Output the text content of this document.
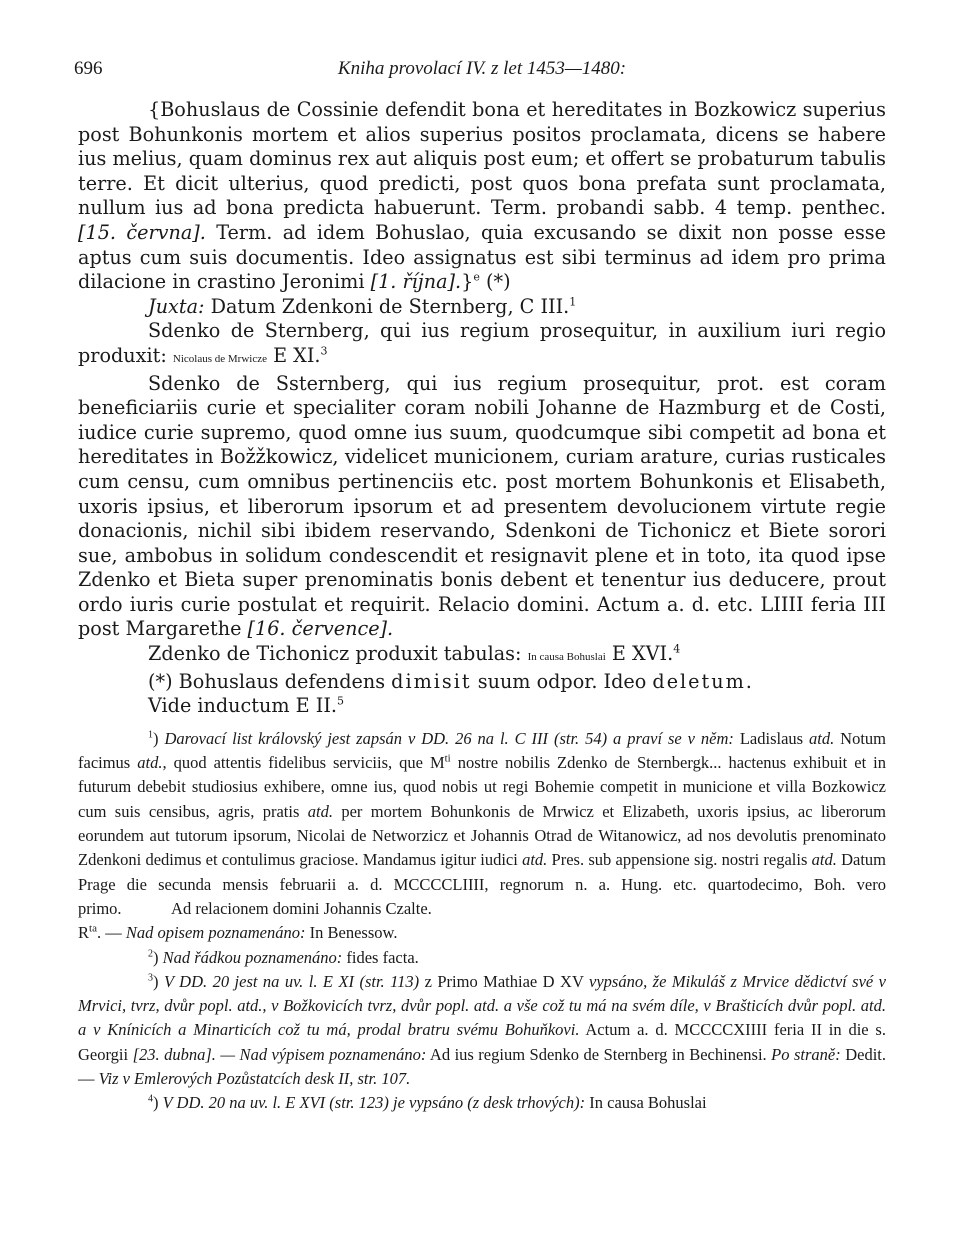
696	Kniha provolací IV. z let 1453—1480:

{Bohuslaus de Cossinie defendit bona et hereditates in Bozkowicz superius post Bohunkonis mortem et alios superius positos proclamata, dicens se habere ius melius, quam dominus rex aut aliquis post eum; et offert se probaturum tabulis terre. Et dicit ulterius, quod predicti, post quos bona prefata sunt proclamata, nullum ius ad bona predicta habuerunt. Term. probandi sabb. 4 temp. penthec. [15. června]. Term. ad idem Bohuslao, quia excusando se dixit non posse esse aptus cum suis documentis. Ideo assignatus est sibi terminus ad idem pro prima dilacione in crastino Jeronimi [1. října].}$^e$ (*)

Juxta: Datum Zdenkoni de Sternberg, C III.$^1$

Sdenko de Sternberg, qui ius regium prosequitur, in auxilium iuri regio produxit: Nicolaus de Mrwicze E XI.$^3$

Sdenko de Ssternberg, qui ius regium prosequitur, prot. est coram beneficiariis curie et specialiter coram nobili Johanne de Hazmburg et de Costi, iudice curie supremo, quod omne ius suum, quodcumque sibi competit ad bona et hereditates in Božžkowicz, videlicet municionem, curiam arature, curias rusticales cum censu, cum omnibus pertinenciis etc. post mortem Bohunkonis et Elisabeth, uxoris ipsius, et liberorum ipsorum et ad presentem devolucionem virtute regie donacionis, nichil sibi ibidem reservando, Sdenkoni de Tichonicz et Biete sorori sue, ambobus in solidum condescendit et resignavit plene et in toto, ita quod ipse Zdenko et Bieta super prenominatis bonis debent et tenentur ius deducere, prout ordo iuris curie postulat et requirit. Relacio domini. Actum a. d. etc. LIIII feria III post Margarethe [16. července].

Zdenko de Tichonicz produxit tabulas: In causa Bohuslai E XVI.$^4$

(*) Bohuslaus defendens dimisit suum odpor. Ideo deletum.

Vide inductum E II.$^5$

$^1$) Darovací list královský jest zapsán v DD. 26 na l. C III (str. 54) a praví se v něm: Ladislaus atd. Notum facimus atd., quod attentis fidelibus serviciis, que $M^{ti}$ nostre nobilis Zdenko de Sternbergk... hactenus exhibuit et in futurum debebit studiosius exhibere, omne ius, quod nobis ut regi Bohemie competit in municione et villa Bozkowicz cum suis censibus, agris, pratis atd. per mortem Bohunkonis de Mrwicz et Elizabeth, uxoris ipsius, ac liberorum eorundem aut tutorum ipsorum, Nicolai de Networzicz et Johannis Otrad de Witanowicz, ad nos devolutis prenominato Zdenkoni dedimus et contulimus graciose. Mandamus igitur iudici atd. Pres. sub appensione sig. nostri regalis atd. Datum Prage die secunda mensis februarii a. d. MCCCCLIIII, regnorum n. a. Hung. etc. quartodecimo, Boh. vero primo.	Ad relacionem domini Johannis Czalte.
$R^{ta}$. — Nad opisem poznamenáno: In Benessow.

$^2$) Nad řádkou poznamenáno: fides facta.

$^3$) V DD. 20 jest na uv. l. E XI (str. 113) z Primo Mathiae D XV vypsáno, že Mikuláš z Mrvice dědictví své v Mrvici, tvrz, dvůr popl. atd., v Božkovicích tvrz, dvůr popl. atd. a vše což tu má na svém díle, v Brašticích dvůr popl. atd. a v Knínicích a Minarticích což tu má, prodal bratru svému Bohuňkovi. Actum a. d. MCCCCXIIII feria II in die s. Georgii [23. dubna]. — Nad výpisem poznamenáno: Ad ius regium Sdenko de Sternberg in Bechinensi. Po straně: Dedit. — Viz v Emlerových Pozůstatcích desk II, str. 107.

$^4$) V DD. 20 na uv. l. E XVI (str. 123) je vypsáno (z desk trhových): In causa Bohuslai
